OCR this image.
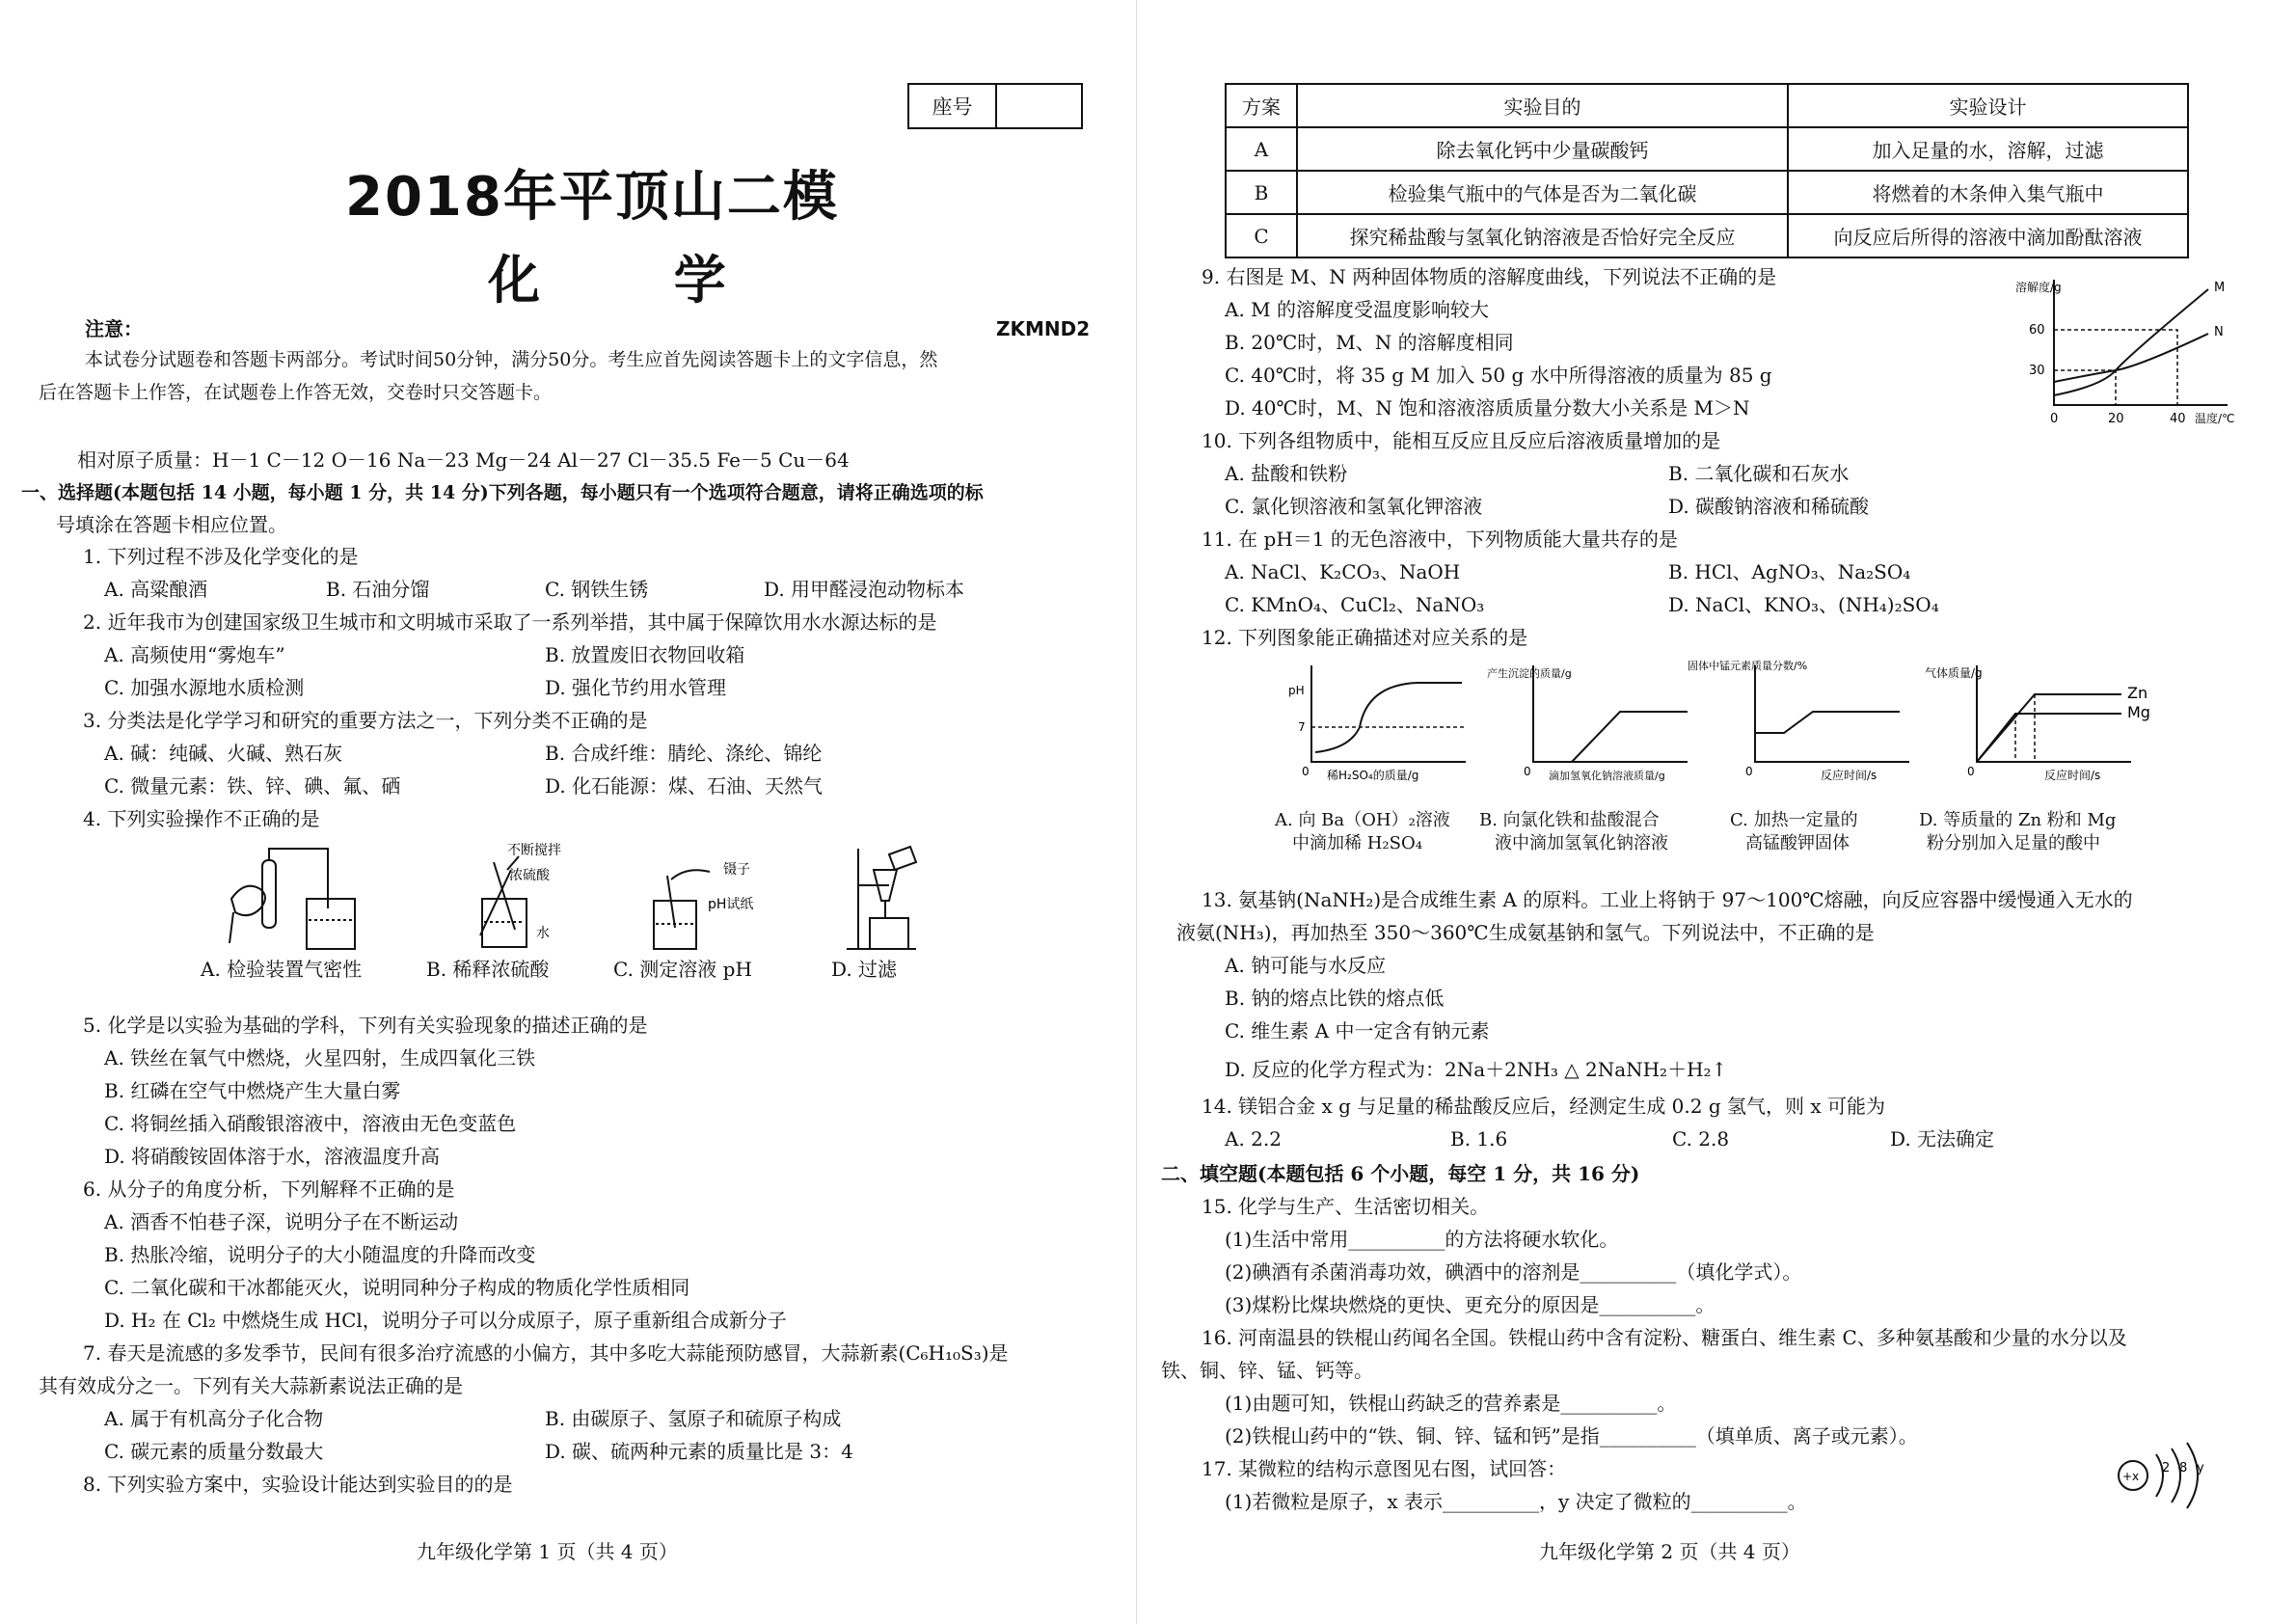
座号
2018年平顶山二模
化 学
注意：	ZKMND2
本试卷分试题卷和答题卡两部分。考试时间50分钟，满分50分。考生应首先阅读答题卡上的文字信息，然
后在答题卡上作答，在试题卷上作答无效，交卷时只交答题卡。
相对原子质量：H－1 C－12 O－16 Na－23 Mg－24 Al－27 Cl－35.5 Fe－5 Cu－64
一、选择题(本题包括 14 小题，每小题 1 分，共 14 分)下列各题，每小题只有一个选项符合题意，请将正确选项的标
号填涂在答题卡相应位置。
1. 下列过程不涉及化学变化的是
A. 高粱酿酒	B. 石油分馏	C. 钢铁生锈	D. 用甲醛浸泡动物标本
2. 近年我市为创建国家级卫生城市和文明城市采取了一系列举措，其中属于保障饮用水水源达标的是
A. 高频使用“雾炮车”	B. 放置废旧衣物回收箱
C. 加强水源地水质检测	D. 强化节约用水管理
3. 分类法是化学学习和研究的重要方法之一，下列分类不正确的是
A. 碱：纯碱、火碱、熟石灰	B. 合成纤维：腈纶、涤纶、锦纶
C. 微量元素：铁、锌、碘、氟、硒	D. 化石能源：煤、石油、天然气
4. 下列实验操作不正确的是
不断搅拌
浓硫酸
水
镊子
pH试纸
A. 检验装置气密性	B. 稀释浓硫酸	C. 测定溶液 pH	D. 过滤
5. 化学是以实验为基础的学科，下列有关实验现象的描述正确的是
A. 铁丝在氧气中燃烧，火星四射，生成四氧化三铁
B. 红磷在空气中燃烧产生大量白雾
C. 将铜丝插入硝酸银溶液中，溶液由无色变蓝色
D. 将硝酸铵固体溶于水，溶液温度升高
6. 从分子的角度分析，下列解释不正确的是
A. 酒香不怕巷子深，说明分子在不断运动
B. 热胀冷缩，说明分子的大小随温度的升降而改变
C. 二氧化碳和干冰都能灭火，说明同种分子构成的物质化学性质相同
D. H₂ 在 Cl₂ 中燃烧生成 HCl，说明分子可以分成原子，原子重新组合成新分子
7. 春天是流感的多发季节，民间有很多治疗流感的小偏方，其中多吃大蒜能预防感冒，大蒜新素(C₆H₁₀S₃)是
其有效成分之一。下列有关大蒜新素说法正确的是
A. 属于有机高分子化合物	B. 由碳原子、氢原子和硫原子构成
C. 碳元素的质量分数最大	D. 碳、硫两种元素的质量比是 3：4
8. 下列实验方案中，实验设计能达到实验目的的是
九年级化学第 1 页（共 4 页）
方案	实验目的	实验设计
A	除去氧化钙中少量碳酸钙	加入足量的水，溶解，过滤
B	检验集气瓶中的气体是否为二氧化碳	将燃着的木条伸入集气瓶中
C	探究稀盐酸与氢氧化钠溶液是否恰好完全反应	向反应后所得的溶液中滴加酚酞溶液
9. 右图是 M、N 两种固体物质的溶解度曲线，下列说法不正确的是
A. M 的溶解度受温度影响较大
B. 20℃时，M、N 的溶解度相同
C. 40℃时，将 35 g M 加入 50 g 水中所得溶液的质量为 85 g
D. 40℃时，M、N 饱和溶液溶质质量分数大小关系是 M＞N
溶解度/g
60
30
0	20	40 温度/℃
M
N
10. 下列各组物质中，能相互反应且反应后溶液质量增加的是
A. 盐酸和铁粉	B. 二氧化碳和石灰水
C. 氯化钡溶液和氢氧化钾溶液	D. 碳酸钠溶液和稀硫酸
11. 在 pH＝1 的无色溶液中，下列物质能大量共存的是
A. NaCl、K₂CO₃、NaOH	B. HCl、AgNO₃、Na₂SO₄
C. KMnO₄、CuCl₂、NaNO₃	D. NaCl、KNO₃、(NH₄)₂SO₄
12. 下列图象能正确描述对应关系的是
pH
7
0 稀H₂SO₄的质量/g
产生沉淀的质量/g
0 滴加氢氧化钠溶液质量/g
固体中锰元素质量分数/%
0	反应时间/s
气体质量/g
0	反应时间/s
Zn
Mg
A. 向 Ba（OH）₂溶液
中滴加稀 H₂SO₄
B. 向氯化铁和盐酸混合
液中滴加氢氧化钠溶液
C. 加热一定量的
高锰酸钾固体
D. 等质量的 Zn 粉和 Mg
粉分别加入足量的酸中
13. 氨基钠(NaNH₂)是合成维生素 A 的原料。工业上将钠于 97～100℃熔融，向反应容器中缓慢通入无水的
液氨(NH₃)，再加热至 350～360℃生成氨基钠和氢气。下列说法中，不正确的是
A. 钠可能与水反应
B. 钠的熔点比铁的熔点低
C. 维生素 A 中一定含有钠元素
D. 反应的化学方程式为：2Na＋2NH₃ △ 2NaNH₂＋H₂↑
14. 镁铝合金 x g 与足量的稀盐酸反应后，经测定生成 0.2 g 氢气，则 x 可能为
A. 2.2	B. 1.6	C. 2.8	D. 无法确定
二、填空题(本题包括 6 个小题，每空 1 分，共 16 分)
15. 化学与生产、生活密切相关。
(1)生活中常用__________的方法将硬水软化。
(2)碘酒有杀菌消毒功效，碘酒中的溶剂是__________（填化学式）。
(3)煤粉比煤块燃烧的更快、更充分的原因是__________。
16. 河南温县的铁棍山药闻名全国。铁棍山药中含有淀粉、糖蛋白、维生素 C、多种氨基酸和少量的水分以及
铁、铜、锌、锰、钙等。
(1)由题可知，铁棍山药缺乏的营养素是__________。
(2)铁棍山药中的“铁、铜、锌、锰和钙”是指__________（填单质、离子或元素）。
17. 某微粒的结构示意图见右图，试回答：
(1)若微粒是原子，x 表示__________，y 决定了微粒的__________。
+x
2 8 y
九年级化学第 2 页（共 4 页）
